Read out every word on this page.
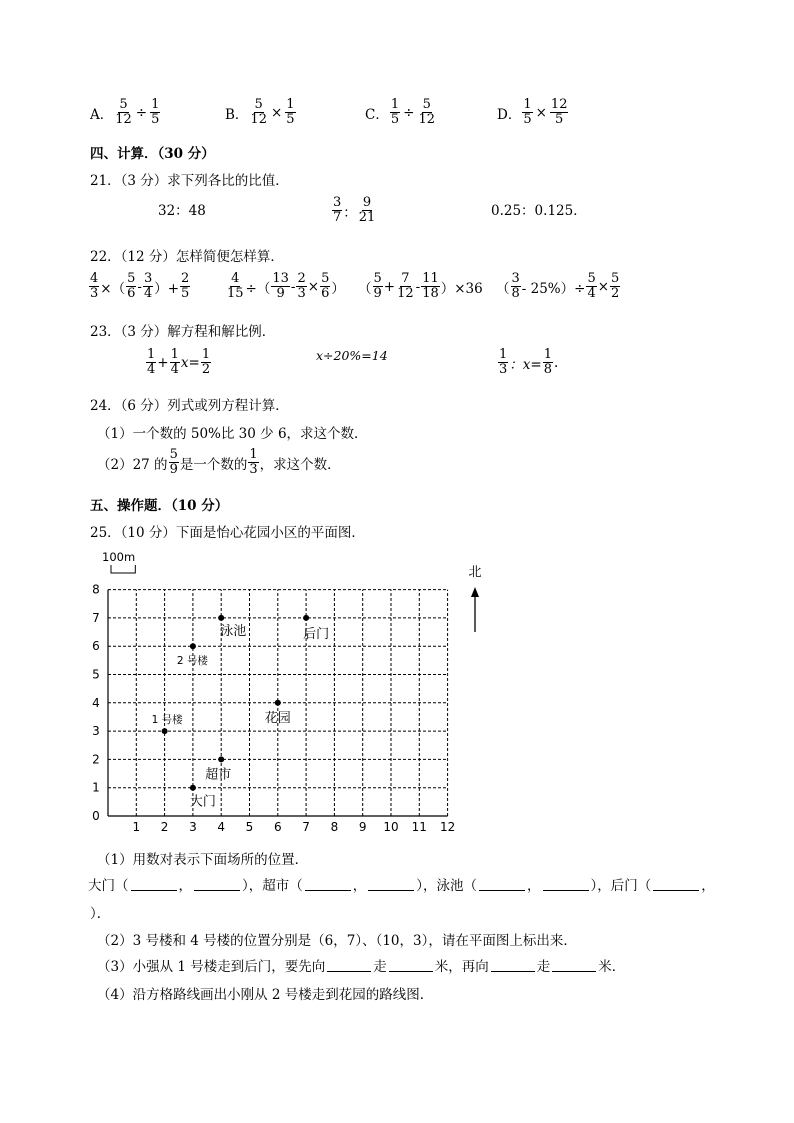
A． $\frac{5}{12} \div \frac{1}{5}$	B． $\frac{5}{12} \times \frac{1}{5}$	C． $\frac{1}{5} \div \frac{5}{12}$	D． $\frac{1}{5} \times \frac{12}{5}$
四、计算．（30 分）
21．（3 分）求下列各比的比值．
32：48	$\frac{3}{7}$ ： $\frac{9}{21}$	0.25：0.125．
22．（12 分）怎样简便怎样算．
$\frac{4}{3}$ ×（ $\frac{5}{6} - \frac{3}{4}$ ）+ $\frac{2}{5}$	$\frac{4}{15}$ ÷（ $\frac{13}{9} - \frac{2}{3} \times \frac{5}{6}$ ） （ $\frac{5}{9} + \frac{7}{12} - \frac{11}{18} )\times 36$ （ $\frac{3}{8} - 25\%)\div \frac{5}{4} \times \frac{5}{2}$
23．（3 分）解方程和解比例．
$\frac{1}{4} + \frac{1}{4} x= \frac{1}{2}$	x÷20%=14	$\frac{1}{3}$ ：$x= \frac{1}{8}$ .
24．（6 分）列式或列方程计算．
（1）一个数的 50%比 30 少 6，求这个数．
（2）27 的 $\frac{5}{9}$ 是一个数的 $\frac{1}{3}$ ，求这个数．
五、操作题．（10 分）
25．（10 分）下面是怡心花园小区的平面图．
0
1 2 3 4 5 6 7 8 9 10 11 12
1
2
3
4
5
6
7
8
100m
北
大门
超市
1 号楼	花园
2 号楼
泳池	后门
（1）用数对表示下面场所的位置．
大门（	，	），超市（	，	），泳池（	，	），后门（	，
）．
（2）3 号楼和 4 号楼的位置分别是（6，7）、（10，3），请在平面图上标出来．
（3）小强从 1 号楼走到后门，要先向	走	米，再向	走	米．
（4）沿方格路线画出小刚从 2 号楼走到花园的路线图．
